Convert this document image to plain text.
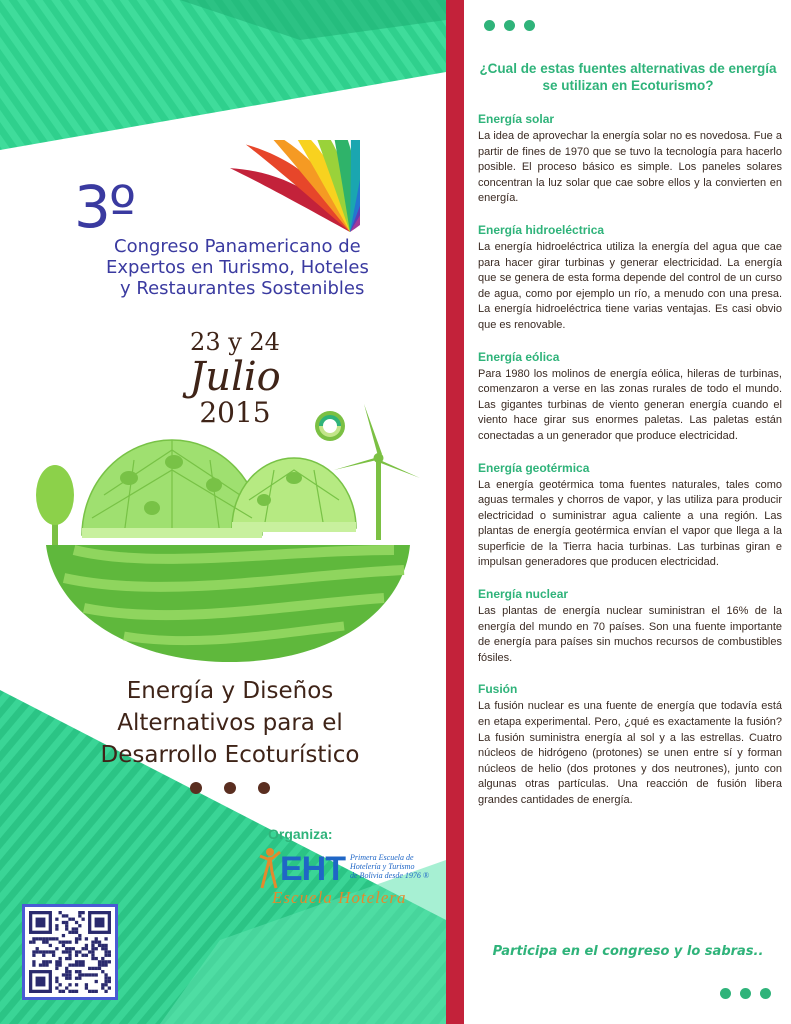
3º
Congreso Panamericano de
Expertos en Turismo, Hoteles
y Restaurantes Sostenibles
23 y 24
Julio
2015
Energía y Diseños
Alternativos para el
Desarrollo Ecoturístico
Organiza:
EHT Primera Escuela de
Hotelería y Turismo
de Bolivia desde 1976 ®
Escuela Hotelera
¿Cual de estas fuentes alternativas de energía se utilizan en Ecoturismo?
Energía solar

La idea de aprovechar la energía solar no es novedosa. Fue a partir de fines de 1970 que se tuvo la tecnología para hacerlo posible. El proceso básico es simple. Los paneles solares concentran la luz solar que cae sobre ellos y la convierten en energía.

Energía hidroeléctrica

La energía hidroeléctrica utiliza la energía del agua que cae para hacer girar turbinas y generar electricidad. La energía que se genera de esta forma depende del control de un curso de agua, como por ejemplo un río, a menudo con una presa. La energía hidroeléctrica tiene varias ventajas. Es casi obvio que es renovable.

Energía eólica

Para 1980 los molinos de energía eólica, hileras de turbinas, comenzaron a verse en las zonas rurales de todo el mundo. Las gigantes turbinas de viento generan energía cuando el viento hace girar sus enormes paletas. Las paletas están conectadas a un generador que produce electricidad.

Energía geotérmica

La energía geotérmica toma fuentes naturales, tales como aguas termales y chorros de vapor, y las utiliza para producir electricidad o suministrar agua caliente a una región. Las plantas de energía geotérmica envían el vapor que llega a la superficie de la Tierra hacia turbinas. Las turbinas giran e impulsan generadores que producen electricidad.

Energía nuclear

Las plantas de energía nuclear suministran el 16% de la energía del mundo en 70 países. Son una fuente importante de energía para países sin muchos recursos de combustibles fósiles.

Fusión

La fusión nuclear es una fuente de energía que todavía está en etapa experimental. Pero, ¿qué es exactamente la fusión? La fusión suministra energía al sol y a las estrellas. Cuatro núcleos de hidrógeno (protones) se unen entre sí y forman núcleos de helio (dos protones y dos neutrones), junto con algunas otras partículas. Una reacción de fusión libera grandes cantidades de energía.

Participa en el congreso y lo sabras..
